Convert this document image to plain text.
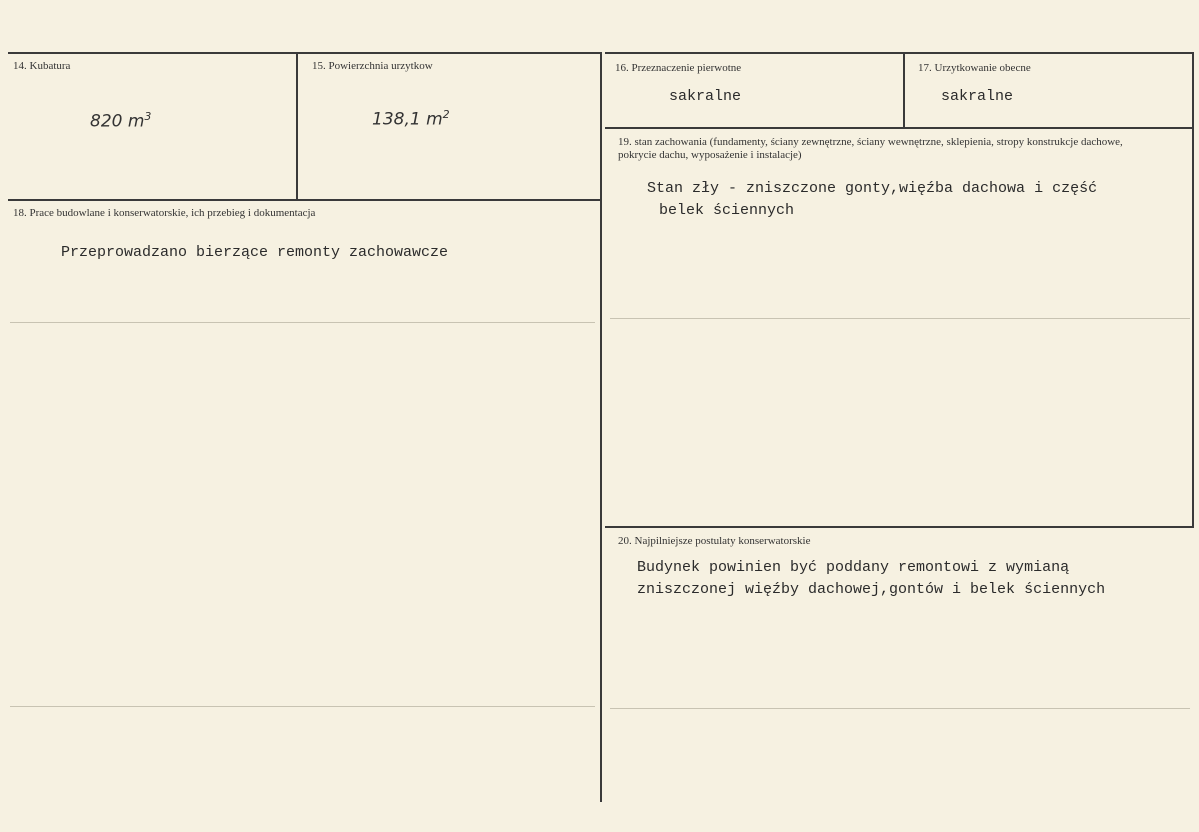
14. Kubatura
820 $m^3$
15. Powierzchnia urzytkow
138,1 $m^2$
16. Przeznaczenie pierwotne
sakralne
17. Urzytkowanie obecne
sakralne
18. Prace budowlane i konserwatorskie, ich przebieg i dokumentacja
Przeprowadzano bierzące remonty zachowawcze
19. stan zachowania (fundamenty, ściany zewnętrzne, ściany wewnętrzne, sklepienia, stropy konstrukcje dachowe, pokrycie dachu, wyposażenie i instalacje)
Stan zły - zniszczone gonty,więźba dachowa i część
belek ściennych
20. Najpilniejsze postulaty konserwatorskie
Budynek powinien być poddany remontowi z wymianą
zniszczonej więźby dachowej,gontów i belek ściennych
